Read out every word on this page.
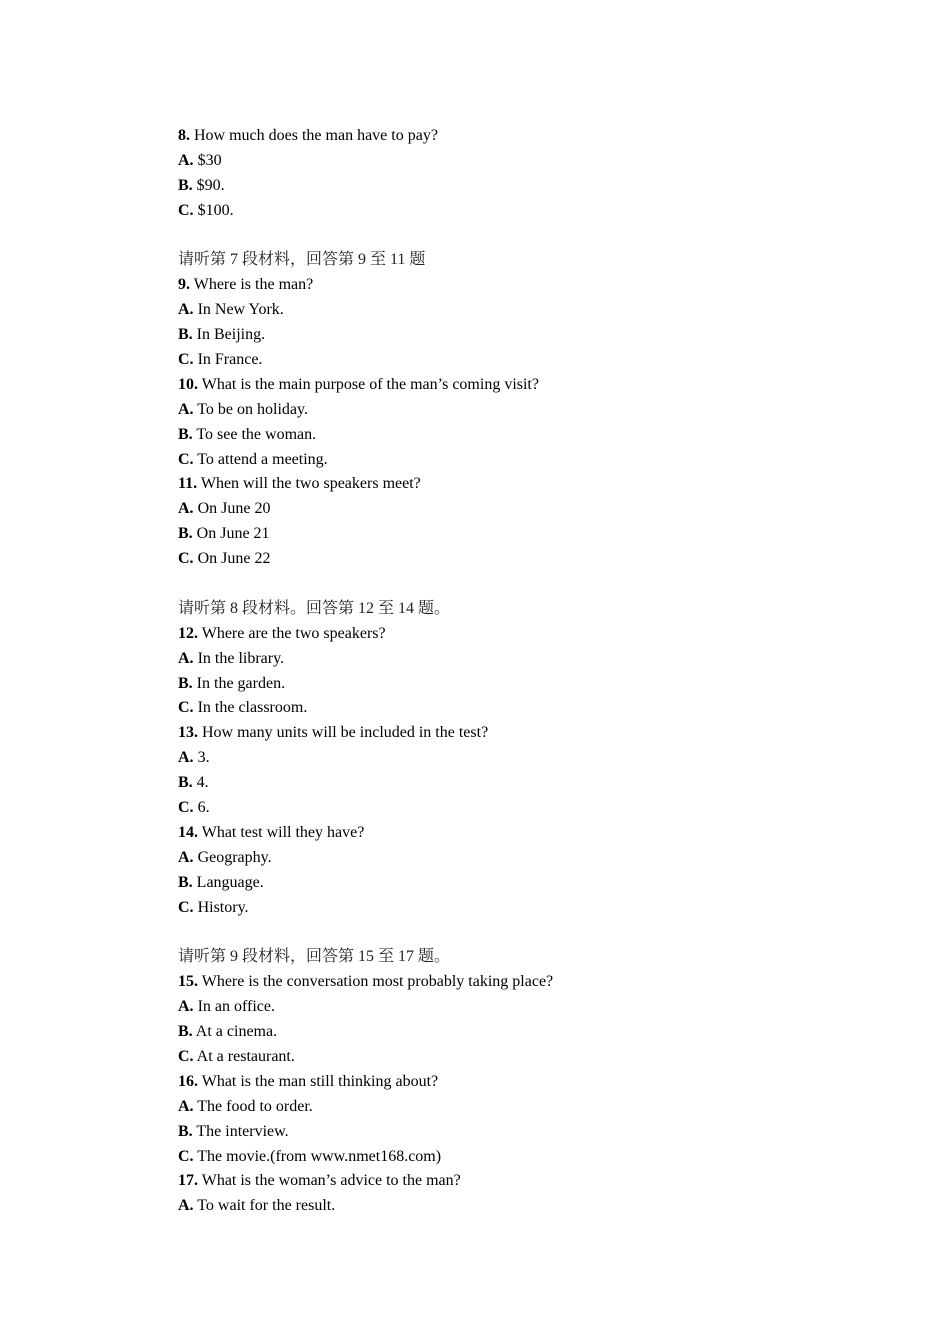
8. How much does the man have to pay?
A. $30
B. $90.
C. $100.
请听第 7 段材料，回答第 9 至 11 题
9. Where is the man?
A. In New York.
B. In Beijing.
C. In France.
10. What is the main purpose of the man’s coming visit?
A. To be on holiday.
B. To see the woman.
C. To attend a meeting.
11. When will the two speakers meet?
A. On June 20
B. On June 21
C. On June 22
请听第 8 段材料。回答第 12 至 14 题。
12. Where are the two speakers?
A. In the library.
B. In the garden.
C. In the classroom.
13. How many units will be included in the test?
A. 3.
B. 4.
C. 6.
14. What test will they have?
A. Geography.
B. Language.
C. History.
请听第 9 段材料，回答第 15 至 17 题。
15. Where is the conversation most probably taking place?
A. In an office.
B. At a cinema.
C. At a restaurant.
16. What is the man still thinking about?
A. The food to order.
B. The interview.
C. The movie.(from www.nmet168.com)
17. What is the woman’s advice to the man?
A. To wait for the result.
